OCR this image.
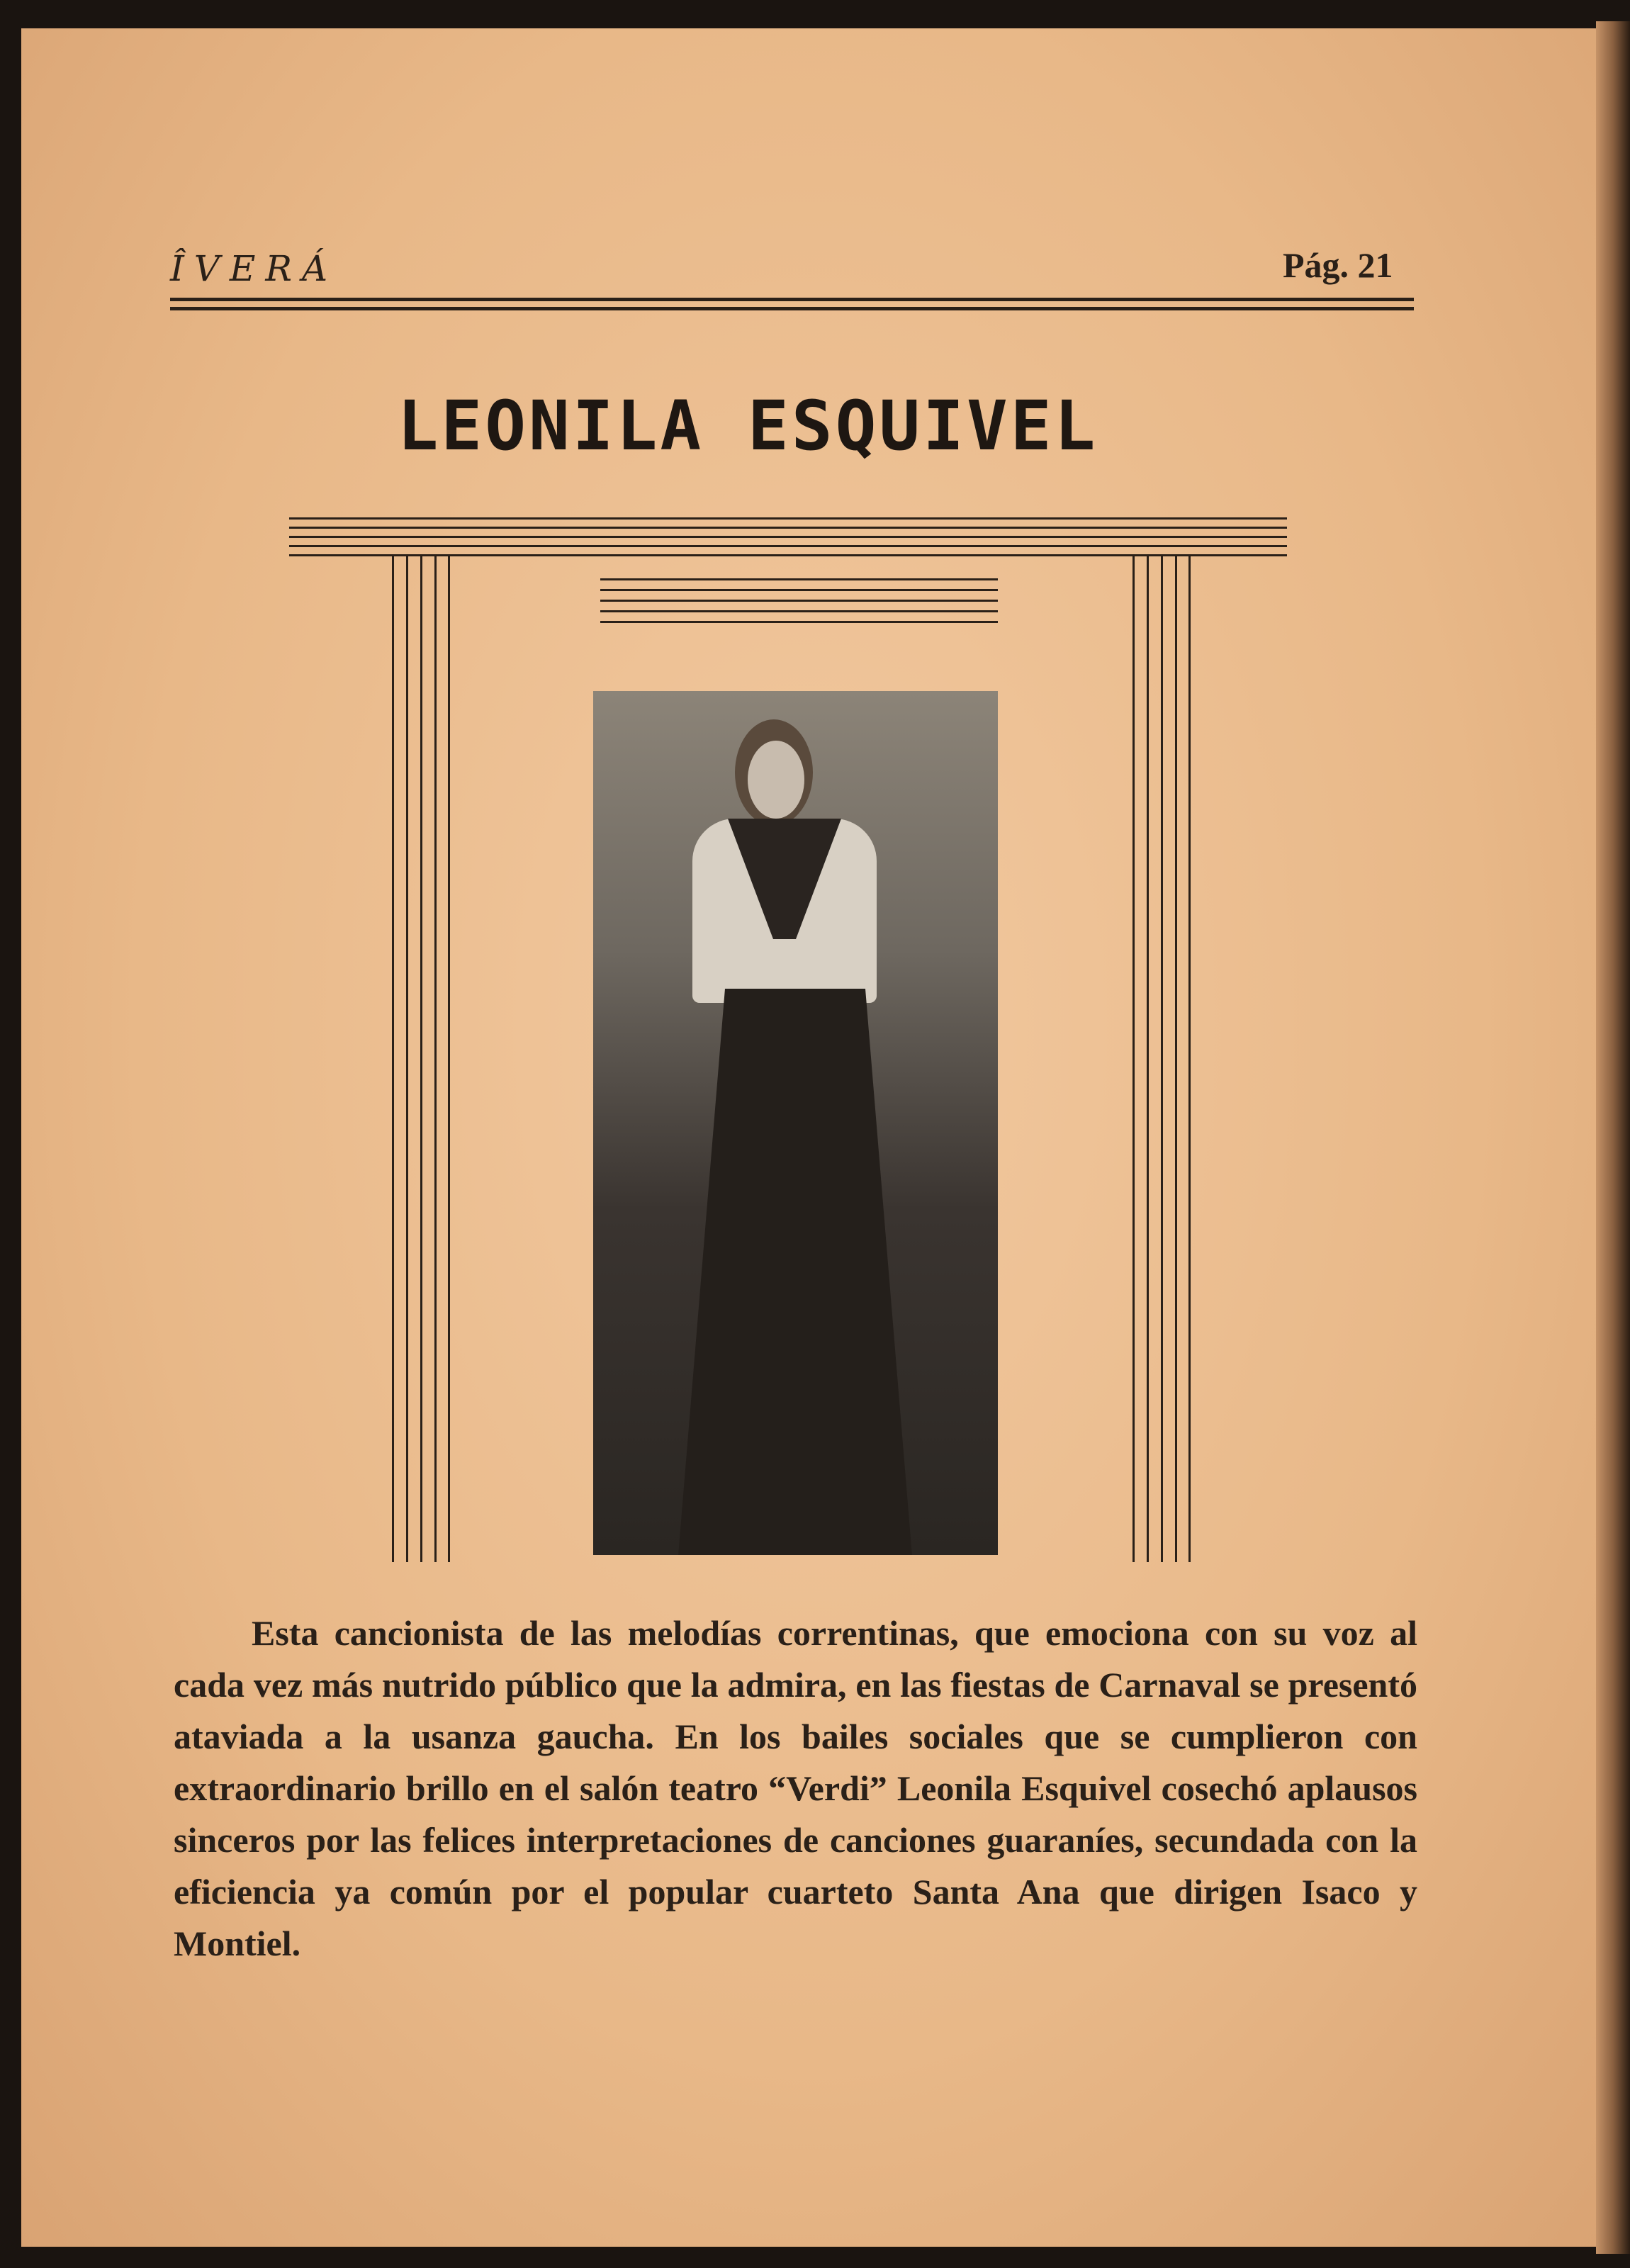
ÎVERÁ	Pág. 21
LEONILA ESQUIVEL
Esta cancionista de las melodías correntinas, que emociona con su voz al cada vez más nutrido público que la admira, en las fiestas de Carnaval se presentó ataviada a la usanza gaucha. En los bailes sociales que se cumplieron con extraordinario brillo en el salón teatro “Verdi” Leonila Esquivel cosechó aplausos sinceros por las felices interpretaciones de canciones guaraníes, secundada con la eficiencia ya común por el popular cuarteto Santa Ana que dirigen Isaco y Montiel.
